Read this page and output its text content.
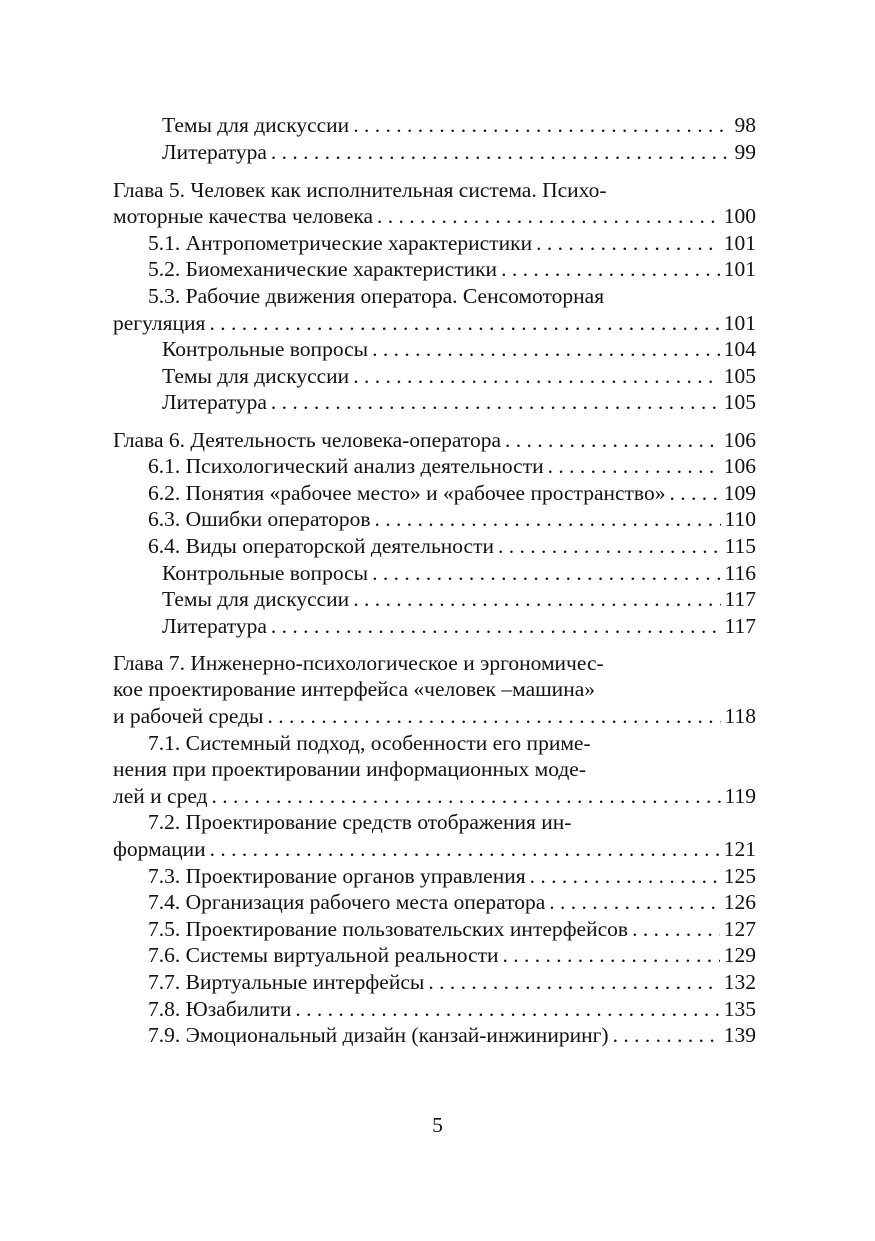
Темы для дискуссии . . .	98
Литература . . .	99
Глава 5. Человек как исполнительная система. Психо-
моторные качества человека . . .	100
5.1. Антропометрические характеристики . . .	101
5.2. Биомеханические характеристики . . .	101
5.3. Рабочие движения оператора. Сенсомоторная
регуляция . . .	101
Контрольные вопросы . . .	104
Темы для дискуссии . . .	105
Литература . . .	105
Глава 6. Деятельность человека-оператора . . .	106
6.1. Психологический анализ деятельности . . .	106
6.2. Понятия «рабочее место» и «рабочее пространство» . . .	109
6.3. Ошибки операторов . . .	110
6.4. Виды операторской деятельности . . .	115
Контрольные вопросы . . .	116
Темы для дискуссии . . .	117
Литература . . .	117
Глава 7. Инженерно-психологическое и эргономичес-
кое проектирование интерфейса «человек –машина»
и рабочей среды . . .	118
7.1. Системный подход, особенности его приме-
нения при проектировании информационных моде-
лей и сред . . .	119
7.2. Проектирование средств отображения ин-
формации . . .	121
7.3. Проектирование органов управления . . .	125
7.4. Организация рабочего места оператора . . .	126
7.5. Проектирование пользовательских интерфейсов . . .	127
7.6. Системы виртуальной реальности . . .	129
7.7. Виртуальные интерфейсы . . .	132
7.8. Юзабилити . . .	135
7.9. Эмоциональный дизайн (канзай-инжиниринг) . . .	139
5
